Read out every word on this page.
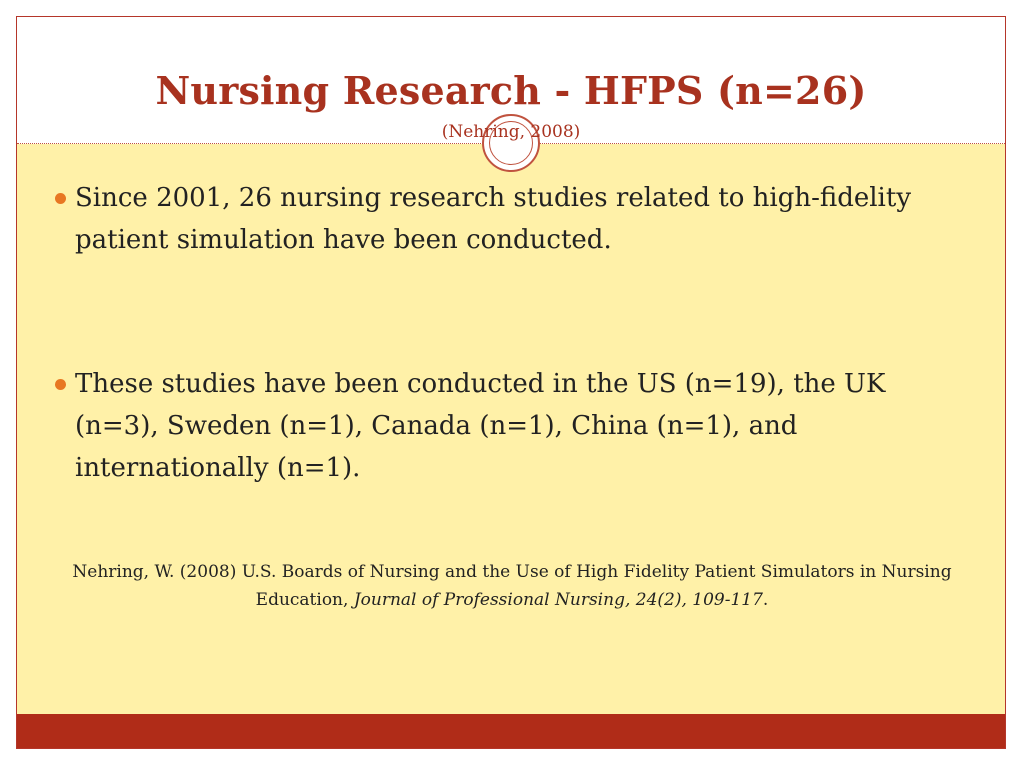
Nursing Research - HFPS (n=26)
(Nehring, 2008)
Since 2001, 26 nursing research studies related to high-fidelity patient simulation have been conducted.
These studies have been conducted in the US (n=19), the UK (n=3), Sweden (n=1), Canada (n=1), China (n=1), and internationally (n=1).
Nehring, W. (2008) U.S. Boards of Nursing and the Use of High Fidelity Patient Simulators in Nursing Education, Journal of Professional Nursing, 24(2), 109-117.
